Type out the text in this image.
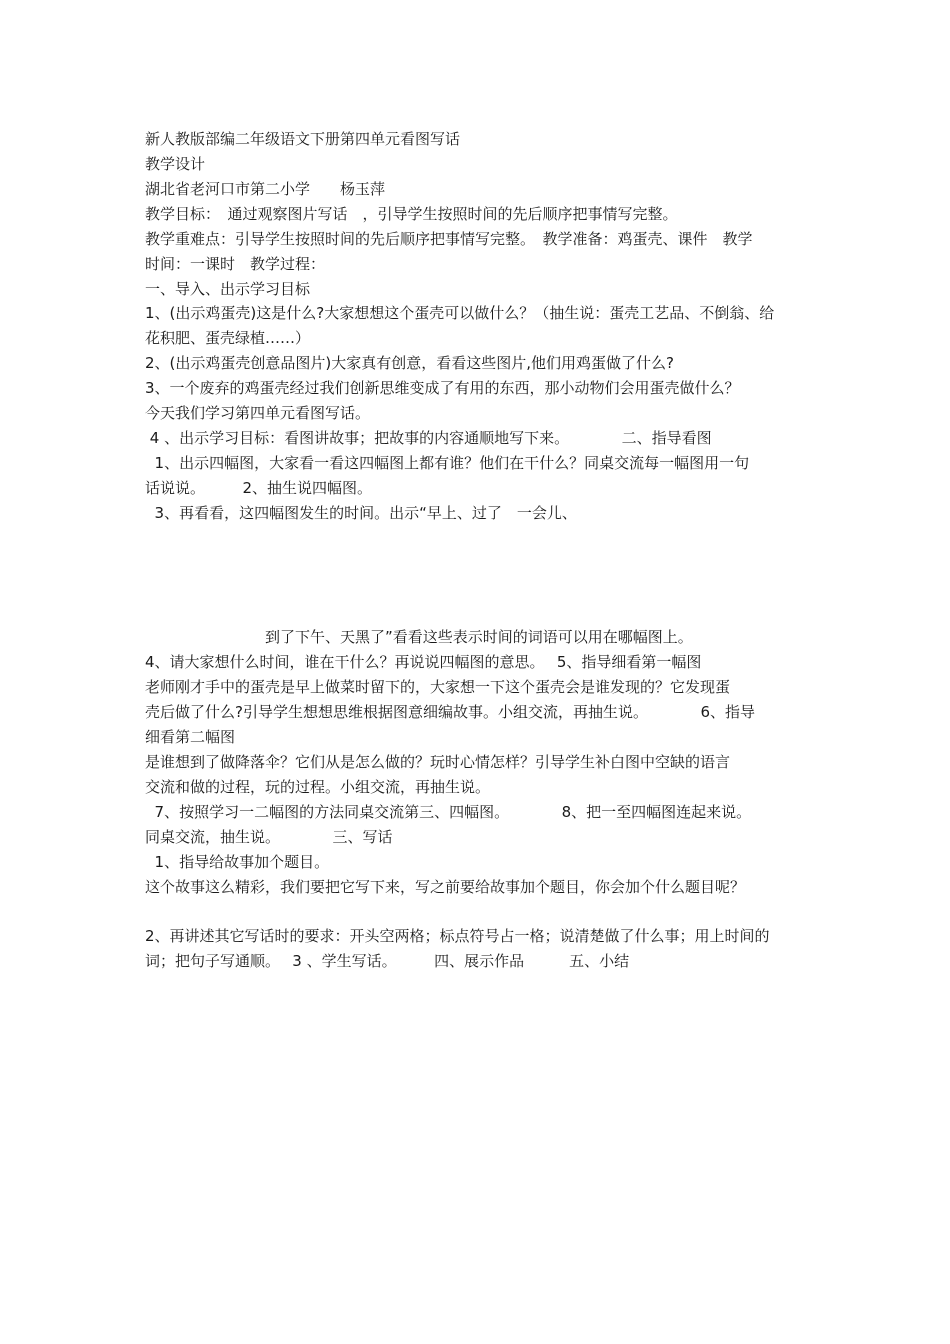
新人教版部编二年级语文下册第四单元看图写话

教学设计

湖北省老河口市第二小学　　杨玉萍

教学目标：　通过观察图片写话　，引导学生按照时间的先后顺序把事情写完整。

教学重难点：引导学生按照时间的先后顺序把事情写完整。　教学准备：鸡蛋壳、课件　教学

时间：一课时　教学过程：

一、导入、出示学习目标

1、(出示鸡蛋壳)这是什么?大家想想这个蛋壳可以做什么？（抽生说：蛋壳工艺品、不倒翁、给

花积肥、蛋壳绿植……）

2、(出示鸡蛋壳创意品图片)大家真有创意，看看这些图片,他们用鸡蛋做了什么?

3、一个废弃的鸡蛋壳经过我们创新思维变成了有用的东西，那小动物们会用蛋壳做什么？

今天我们学习第四单元看图写话。

4 、出示学习目标：看图讲故事；把故事的内容通顺地写下来。　　　　二、指导看图

1、出示四幅图，大家看一看这四幅图上都有谁？他们在干什么？同桌交流每一幅图用一句

话说说。　　　2、抽生说四幅图。

3、再看看，这四幅图发生的时间。出示“早上、过了　一会儿、

　　　　　　　　到了下午、天黑了”看看这些表示时间的词语可以用在哪幅图上。

4、请大家想什么时间，谁在干什么？再说说四幅图的意思。　 5、指导细看第一幅图

老师刚才手中的蛋壳是早上做菜时留下的，大家想一下这个蛋壳会是谁发现的？它发现蛋

壳后做了什么?引导学生想想思维根据图意细编故事。小组交流，再抽生说。　　　　6、指导

细看第二幅图

是谁想到了做降落伞？它们从是怎么做的？玩时心情怎样？引导学生补白图中空缺的语言

交流和做的过程，玩的过程。小组交流，再抽生说。

7、按照学习一二幅图的方法同桌交流第三、四幅图。　　　　8、把一至四幅图连起来说。

同桌交流，抽生说。　　　　三、写话

1、指导给故事加个题目。

这个故事这么精彩，我们要把它写下来，写之前要给故事加个题目，你会加个什么题目呢？

2、再讲述其它写话时的要求：开头空两格；标点符号占一格；说清楚做了什么事；用上时间的

词；把句子写通顺。　 3 、学生写话。　　　四、展示作品　　　五、小结
